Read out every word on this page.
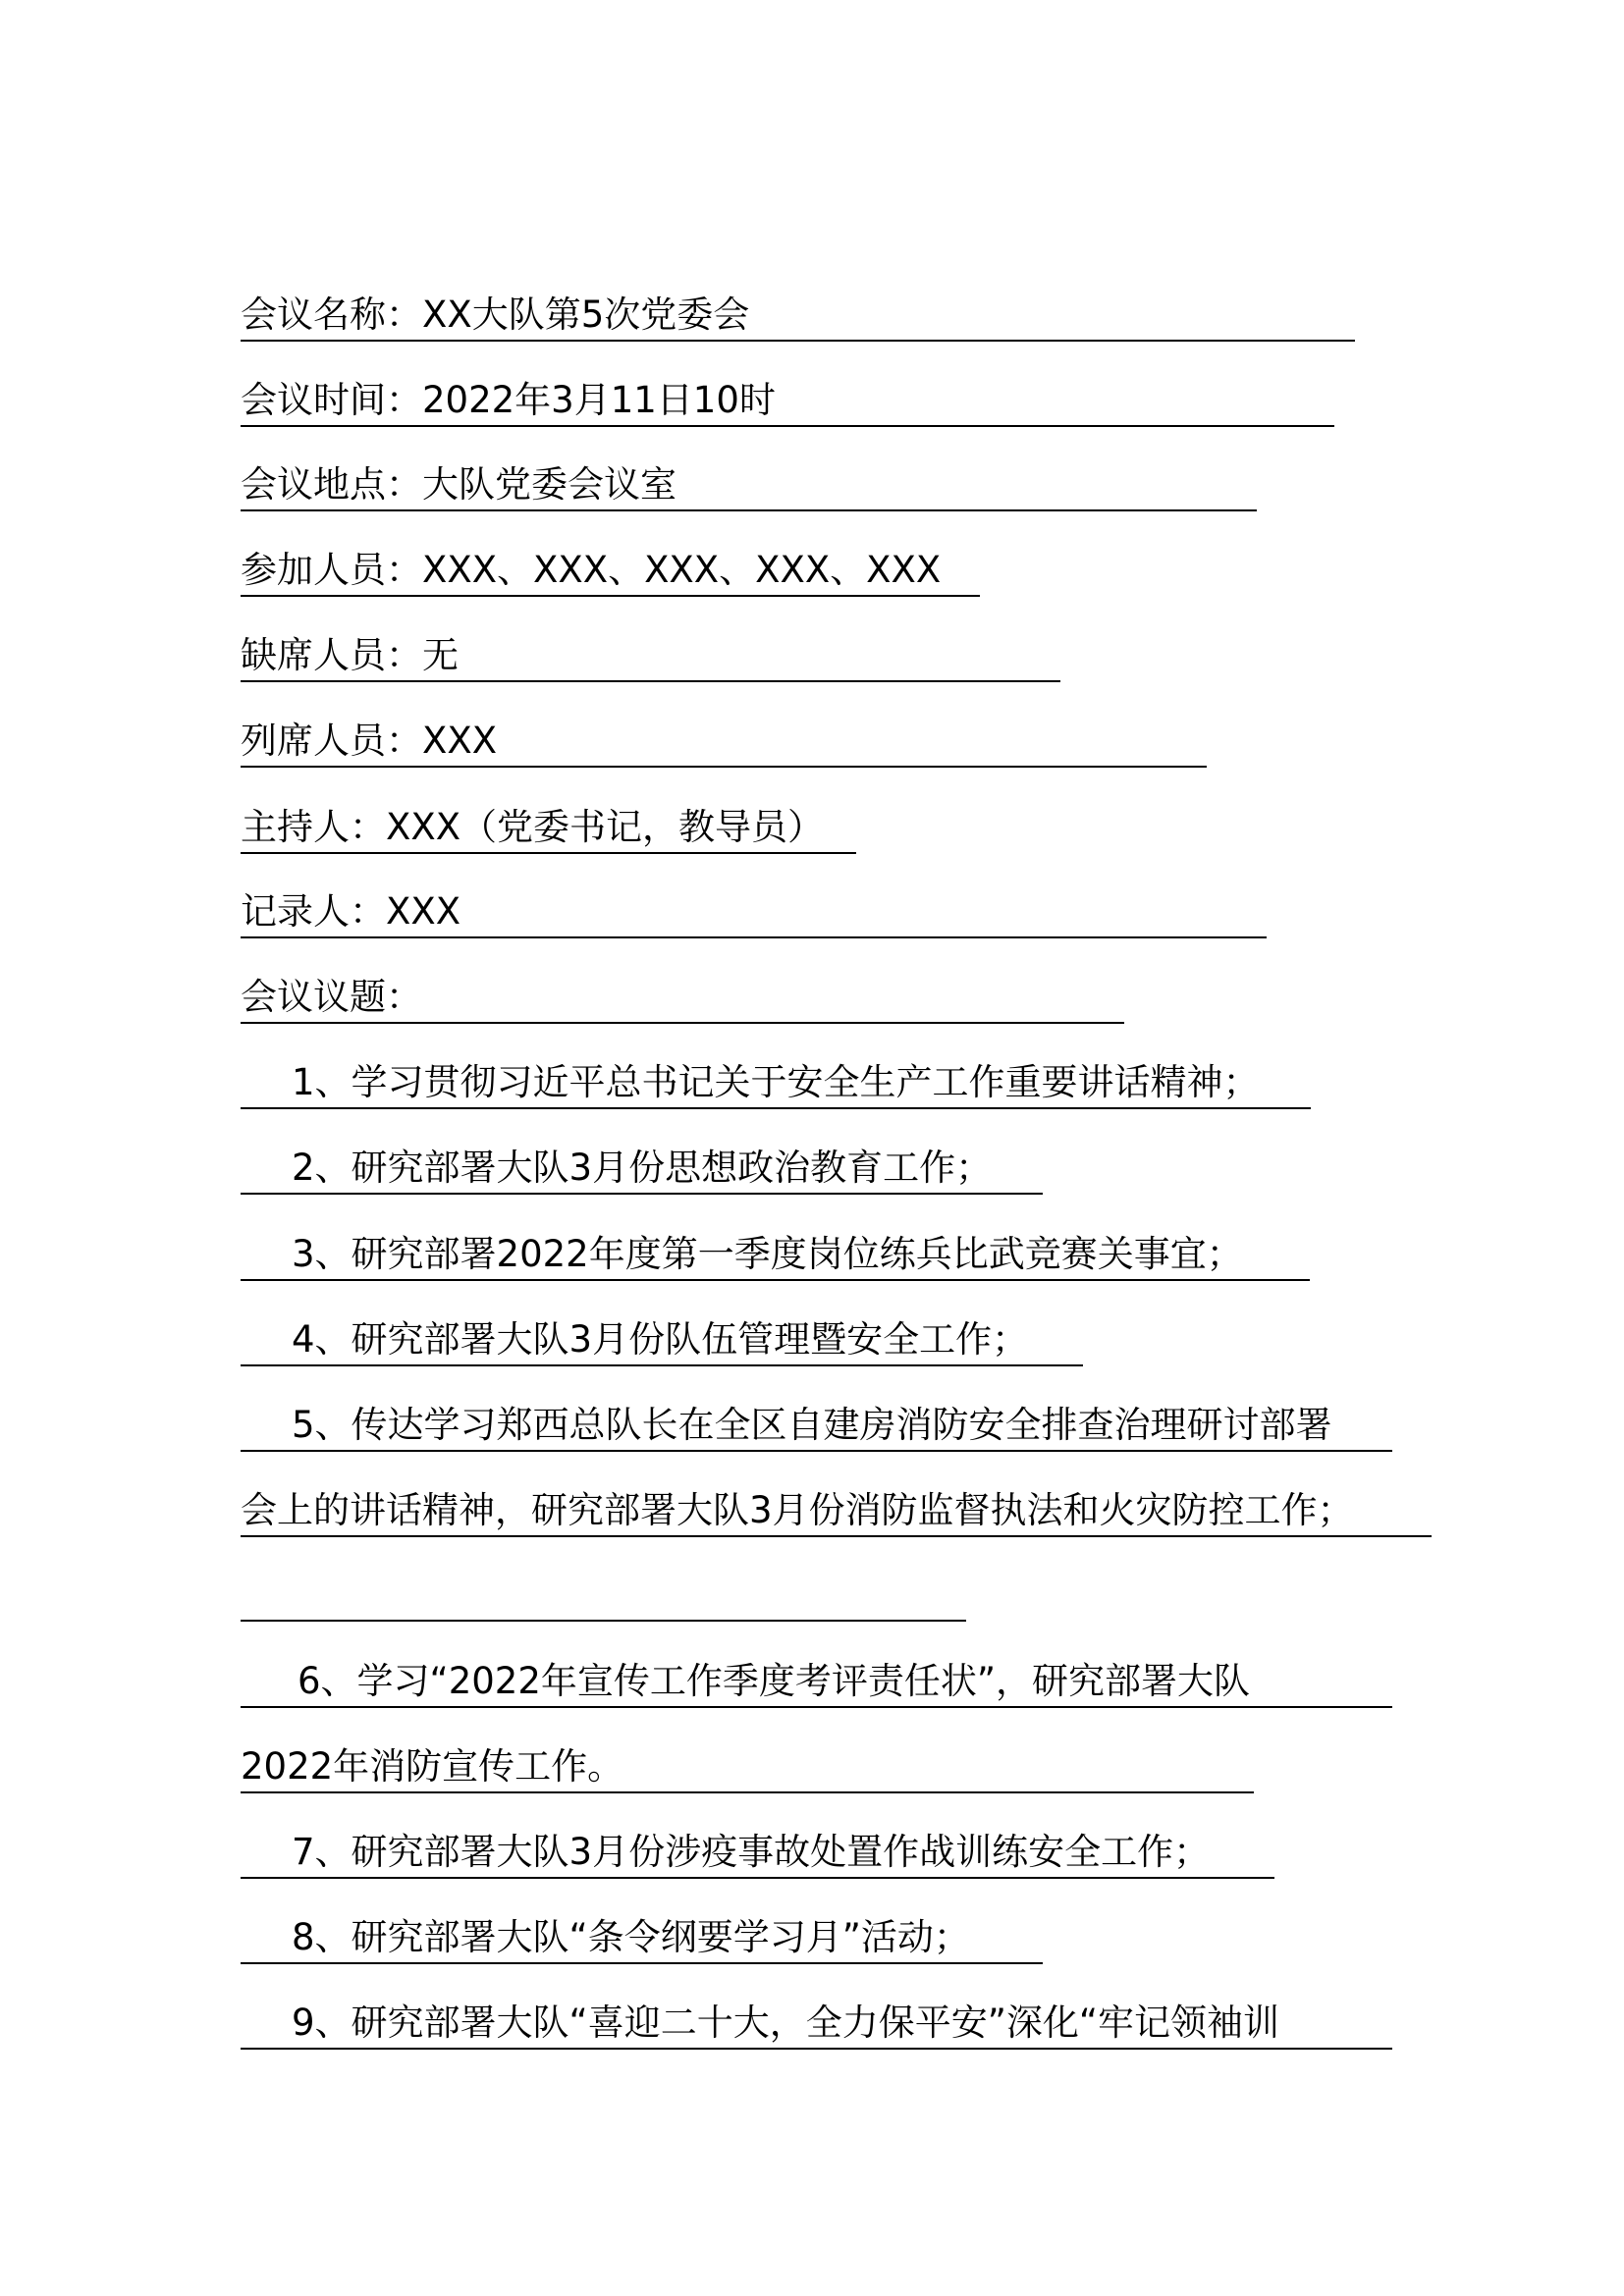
会议名称：XX大队第5次党委会
会议时间：2022年3月11日10时
会议地点：大队党委会议室
参加人员：XXX、XXX、XXX、XXX、XXX
缺席人员：无
列席人员：XXX
主持人：XXX（党委书记，教导员）
记录人：XXX
会议议题：
1、学习贯彻习近平总书记关于安全生产工作重要讲话精神；
2、研究部署大队3月份思想政治教育工作；
3、研究部署2022年度第一季度岗位练兵比武竞赛关事宜；
4、研究部署大队3月份队伍管理暨安全工作；
5、传达学习郑西总队长在全区自建房消防安全排查治理研讨部署
会上的讲话精神，研究部署大队3月份消防监督执法和火灾防控工作；
6、学习“2022年宣传工作季度考评责任状”，研究部署大队
2022年消防宣传工作。
7、研究部署大队3月份涉疫事故处置作战训练安全工作；
8、研究部署大队“条令纲要学习月”活动；
9、研究部署大队“喜迎二十大，全力保平安”深化“牢记领袖训
